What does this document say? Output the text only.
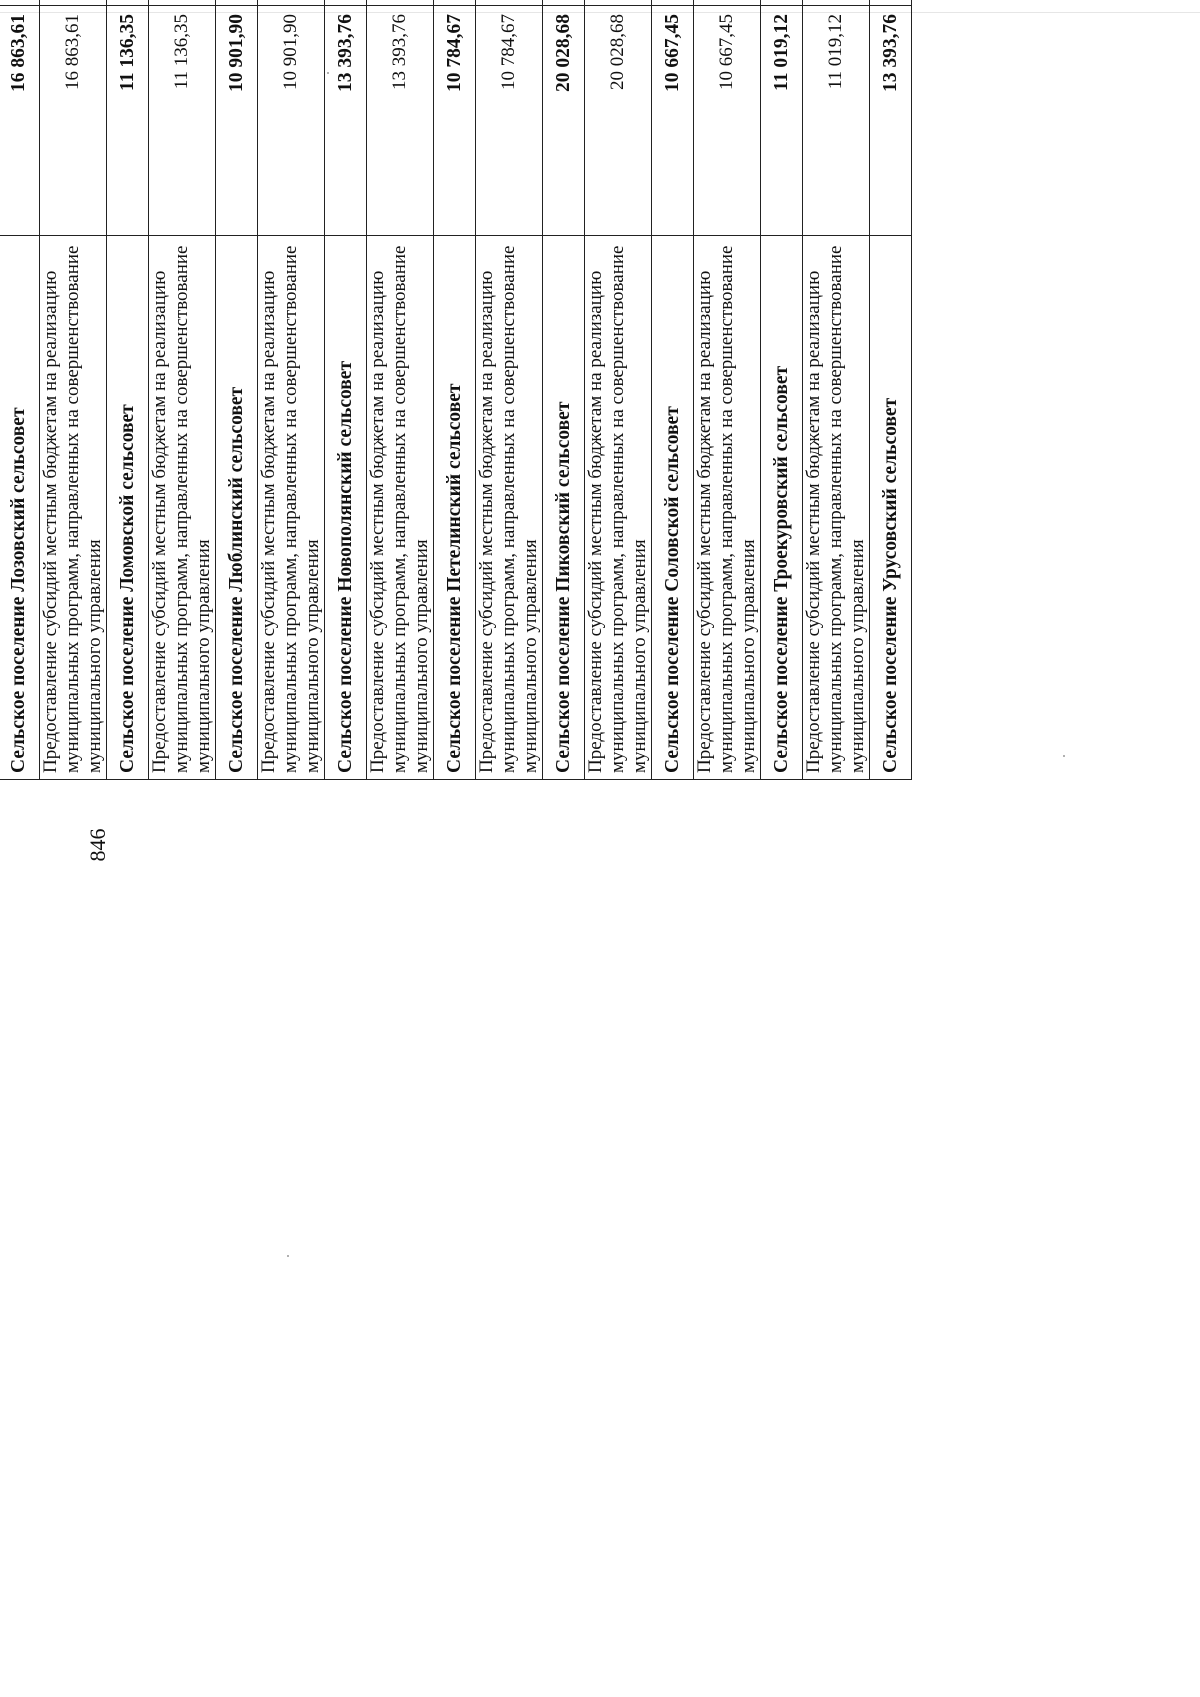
846

Сельское поселение Лозовский сельсовет	16 863,61		
Предоставление субсидий местным бюджетам на реализацию муниципальных программ, направленных на совершенствование муниципального управления	16 863,61		
Сельское поселение Ломовской сельсовет	11 136,35		
Предоставление субсидий местным бюджетам на реализацию муниципальных программ, направленных на совершенствование муниципального управления	11 136,35		
Сельское поселение Люблинский сельсовет	10 901,90		
Предоставление субсидий местным бюджетам на реализацию муниципальных программ, направленных на совершенствование муниципального управления	10 901,90		
Сельское поселение Новополянский сельсовет	13 393,76		
Предоставление субсидий местным бюджетам на реализацию муниципальных программ, направленных на совершенствование муниципального управления	13 393,76		
Сельское поселение Петелинский сельсовет	10 784,67		
Предоставление субсидий местным бюджетам на реализацию муниципальных программ, направленных на совершенствование муниципального управления	10 784,67		
Сельское поселение Пиковский сельсовет	20 028,68		
Предоставление субсидий местным бюджетам на реализацию муниципальных программ, направленных на совершенствование муниципального управления	20 028,68		
Сельское поселение Соловской сельсовет	10 667,45		
Предоставление субсидий местным бюджетам на реализацию муниципальных программ, направленных на совершенствование муниципального управления	10 667,45		
Сельское поселение Троекуровский сельсовет	11 019,12		
Предоставление субсидий местным бюджетам на реализацию муниципальных программ, направленных на совершенствование муниципального управления	11 019,12		
Сельское поселение Урусовский сельсовет	13 393,76		
